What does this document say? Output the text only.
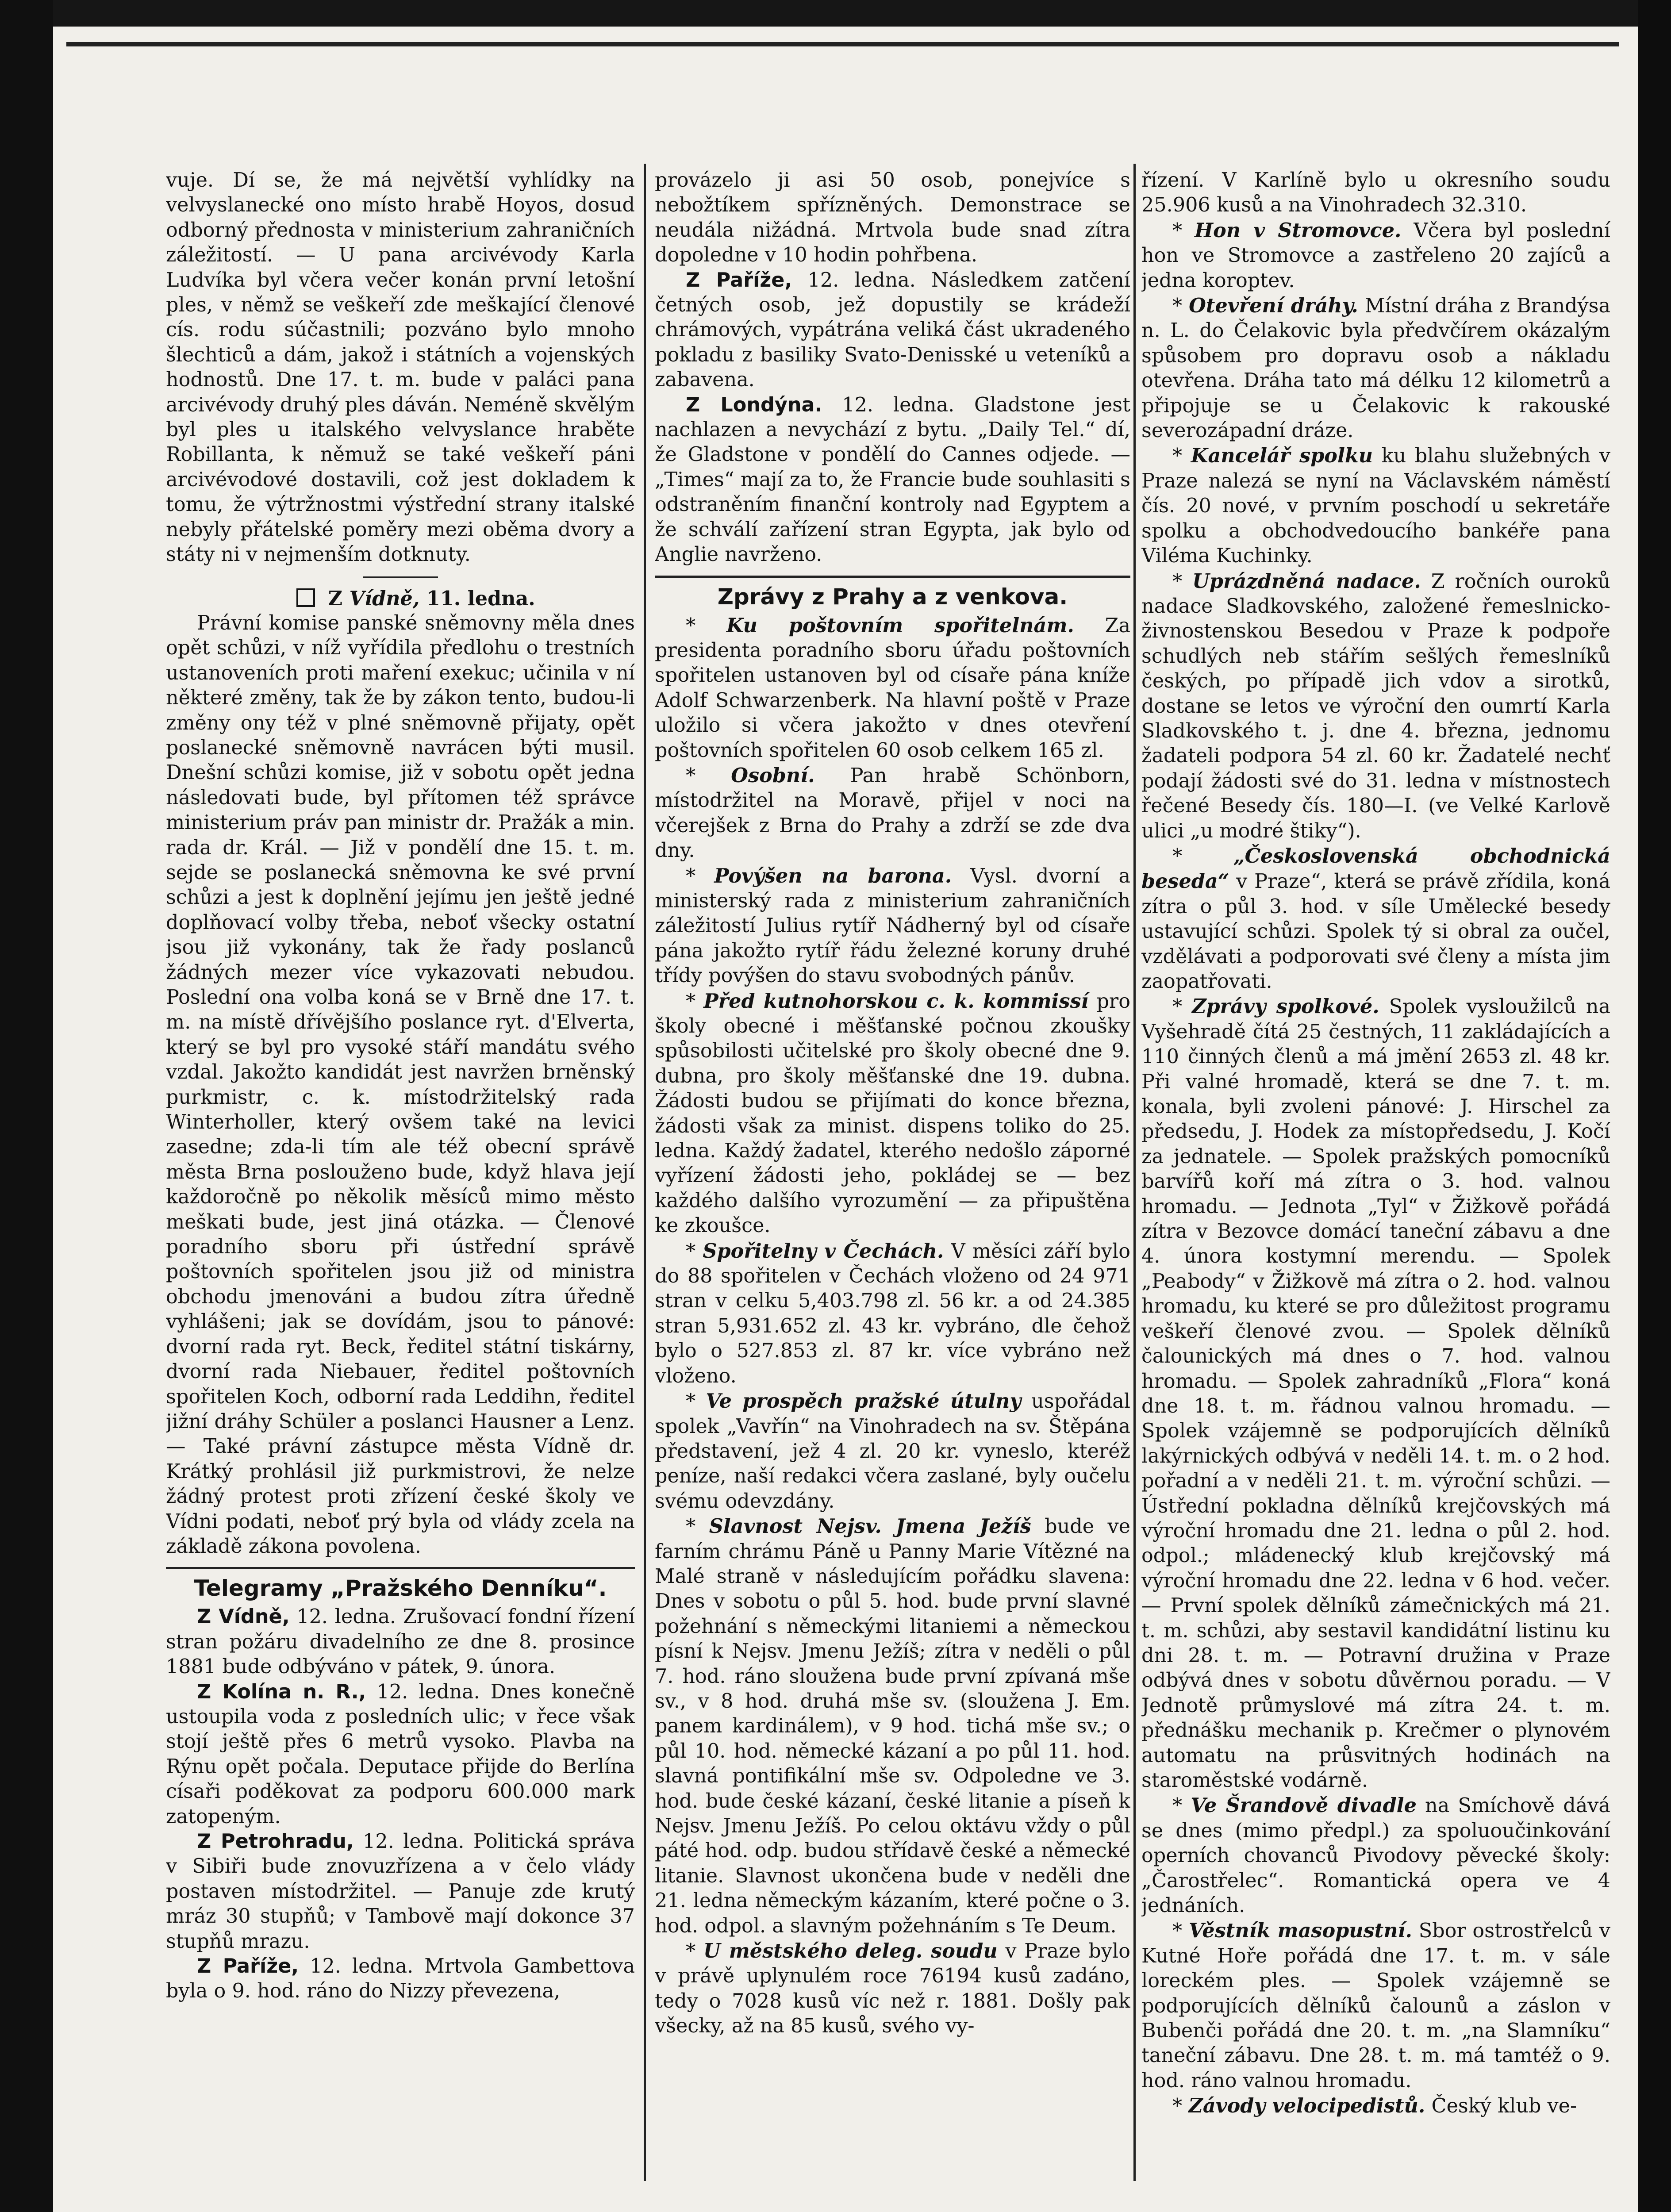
vuje. Dí se, že má největší vyhlídky na velvyslanecké ono místo hrabě Hoyos, dosud odborný přednosta v ministerium zahraničních záležitostí. — U pana arcivévody Karla Ludvíka byl včera večer konán první letošní ples, v němž se veškeří zde meškající členové cís. rodu súčastnili; pozváno bylo mnoho šlechticů a dám, jakož i státních a vojenských hodnostů. Dne 17. t. m. bude v paláci pana arcivévody druhý ples dáván. Neméně skvělým byl ples u italského velvyslance hraběte Robillanta, k němuž se také veškeří páni arcivévodové dostavili, což jest dokladem k tomu, že výtržnostmi výstřední strany italské nebyly přátelské poměry mezi oběma dvory a státy ni v nejmenším dotknuty.

Z Vídně, 11. ledna.

Právní komise panské sněmovny měla dnes opět schůzi, v níž vyřídila předlohu o trestních ustanoveních proti maření exekuc; učinila v ní některé změny, tak že by zákon tento, budou-li změny ony též v plné sněmovně přijaty, opět poslanecké sněmovně navrácen býti musil. Dnešní schůzi komise, již v sobotu opět jedna následovati bude, byl přítomen též správce ministerium práv pan ministr dr. Pražák a min. rada dr. Král. — Již v pondělí dne 15. t. m. sejde se poslanecká sněmovna ke své první schůzi a jest k doplnění jejímu jen ještě jedné doplňovací volby třeba, neboť všecky ostatní jsou již vykonány, tak že řady poslanců žádných mezer více vykazovati nebudou. Poslední ona volba koná se v Brně dne 17. t. m. na místě dřívějšího poslance ryt. d'Elverta, který se byl pro vysoké stáří mandátu svého vzdal. Jakožto kandidát jest navržen brněnský purkmistr, c. k. místodržitelský rada Winterholler, který ovšem také na levici zasedne; zda-li tím ale též obecní správě města Brna poslouženo bude, když hlava její každoročně po několik měsíců mimo město meškati bude, jest jiná otázka. — Členové poradního sboru při ústřední správě poštovních spořitelen jsou již od ministra obchodu jmenováni a budou zítra úředně vyhlášeni; jak se dovídám, jsou to pánové: dvorní rada ryt. Beck, ředitel státní tiskárny, dvorní rada Niebauer, ředitel poštovních spořitelen Koch, odborní rada Leddihn, ředitel jižní dráhy Schüler a poslanci Hausner a Lenz. — Také právní zástupce města Vídně dr. Krátký prohlásil již purkmistrovi, že nelze žádný protest proti zřízení české školy ve Vídni podati, neboť prý byla od vlády zcela na základě zákona povolena.

Telegramy „Pražského Denníku“.

Z Vídně, 12. ledna. Zrušovací fondní řízení stran požáru divadelního ze dne 8. prosince 1881 bude odbýváno v pátek, 9. února.

Z Kolína n. R., 12. ledna. Dnes konečně ustoupila voda z posledních ulic; v řece však stojí ještě přes 6 metrů vysoko. Plavba na Rýnu opět počala. Deputace přijde do Berlína císaři poděkovat za podporu 600.000 mark zatopeným.

Z Petrohradu, 12. ledna. Politická správa v Sibiři bude znovuzřízena a v čelo vlády postaven místodržitel. — Panuje zde krutý mráz 30 stupňů; v Tambově mají dokonce 37 stupňů mrazu.

Z Paříže, 12. ledna. Mrtvola Gambettova byla o 9. hod. ráno do Nizzy převezena,

provázelo ji asi 50 osob, ponejvíce s nebožtíkem spřízněných. Demonstrace se neudála nižádná. Mrtvola bude snad zítra dopoledne v 10 hodin pohřbena.

Z Paříže, 12. ledna. Následkem zatčení četných osob, jež dopustily se krádeží chrámových, vypátrána veliká část ukradeného pokladu z basiliky Svato-Denisské u veteníků a zabavena.

Z Londýna. 12. ledna. Gladstone jest nachlazen a nevychází z bytu. „Daily Tel.“ dí, že Gladstone v pondělí do Cannes odjede. — „Times“ mají za to, že Francie bude souhlasiti s odstraněním finanční kontroly nad Egyptem a že schválí zařízení stran Egypta, jak bylo od Anglie navrženo.

Zprávy z Prahy a z venkova.

* Ku poštovním spořitelnám. Za presidenta poradního sboru úřadu poštovních spořitelen ustanoven byl od císaře pána kníže Adolf Schwarzenberk. Na hlavní poště v Praze uložilo si včera jakožto v dnes otevření poštovních spořitelen 60 osob celkem 165 zl.

* Osobní. Pan hrabě Schönborn, místodržitel na Moravě, přijel v noci na včerejšek z Brna do Prahy a zdrží se zde dva dny.

* Povýšen na barona. Vysl. dvorní a ministerský rada z ministerium zahraničních záležitostí Julius rytíř Nádherný byl od císaře pána jakožto rytíř řádu železné koruny druhé třídy povýšen do stavu svobodných pánův.

* Před kutnohorskou c. k. kommissí pro školy obecné i měšťanské počnou zkoušky spůsobilosti učitelské pro školy obecné dne 9. dubna, pro školy měšťanské dne 19. dubna. Žádosti budou se přijímati do konce března, žádosti však za minist. dispens toliko do 25. ledna. Každý žadatel, kterého nedošlo záporné vyřízení žádosti jeho, pokládej se — bez každého dalšího vyrozumění — za připuštěna ke zkoušce.

* Spořitelny v Čechách. V měsíci září bylo do 88 spořitelen v Čechách vloženo od 24 971 stran v celku 5,403.798 zl. 56 kr. a od 24.385 stran 5,931.652 zl. 43 kr. vybráno, dle čehož bylo o 527.853 zl. 87 kr. více vybráno než vloženo.

* Ve prospěch pražské útulny uspořádal spolek „Vavřín“ na Vinohradech na sv. Štěpána představení, jež 4 zl. 20 kr. vyneslo, kteréž peníze, naší redakci včera zaslané, byly oučelu svému odevzdány.

* Slavnost Nejsv. Jmena Ježíš bude ve farním chrámu Páně u Panny Marie Vítězné na Malé straně v následujícím pořádku slavena: Dnes v sobotu o půl 5. hod. bude první slavné požehnání s německými litaniemi a německou písní k Nejsv. Jmenu Ježíš; zítra v neděli o půl 7. hod. ráno sloužena bude první zpívaná mše sv., v 8 hod. druhá mše sv. (sloužena J. Em. panem kardinálem), v 9 hod. tichá mše sv.; o půl 10. hod. německé kázaní a po půl 11. hod. slavná pontifikální mše sv. Odpoledne ve 3. hod. bude české kázaní, české litanie a píseň k Nejsv. Jmenu Ježíš. Po celou oktávu vždy o půl páté hod. odp. budou střídavě české a německé litanie. Slavnost ukončena bude v neděli dne 21. ledna německým kázaním, které počne o 3. hod. odpol. a slavným požehnáním s Te Deum.

* U městského deleg. soudu v Praze bylo v právě uplynulém roce 76194 kusů zadáno, tedy o 7028 kusů víc než r. 1881. Došly pak všecky, až na 85 kusů, svého vy-

řízení. V Karlíně bylo u okresního soudu 25.906 kusů a na Vinohradech 32.310.

* Hon v Stromovce. Včera byl poslední hon ve Stromovce a zastřeleno 20 zajíců a jedna koroptev.

* Otevření dráhy. Místní dráha z Brandýsa n. L. do Čelakovic byla předvčírem okázalým spůsobem pro dopravu osob a nákladu otevřena. Dráha tato má délku 12 kilometrů a připojuje se u Čelakovic k rakouské severozápadní dráze.

* Kancelář spolku ku blahu služebných v Praze nalezá se nyní na Václavském náměstí čís. 20 nové, v prvním poschodí u sekretáře spolku a obchodvedoucího bankéře pana Viléma Kuchinky.

* Uprázdněná nadace. Z ročních ouroků nadace Sladkovského, založené řemeslnicko-živnostenskou Besedou v Praze k podpoře schudlých neb stářím sešlých řemeslníků českých, po případě jich vdov a sirotků, dostane se letos ve výroční den oumrtí Karla Sladkovského t. j. dne 4. března, jednomu žadateli podpora 54 zl. 60 kr. Žadatelé nechť podají žádosti své do 31. ledna v místnostech řečené Besedy čís. 180—I. (ve Velké Karlově ulici „u modré štiky“).

* „Československá obchodnická beseda“ v Praze“, která se právě zřídila, koná zítra o půl 3. hod. v síle Umělecké besedy ustavující schůzi. Spolek tý si obral za oučel, vzdělávati a podporovati své členy a místa jim zaopatřovati.

* Zprávy spolkové. Spolek vysloužilců na Vyšehradě čítá 25 čestných, 11 zakládajících a 110 činných členů a má jmění 2653 zl. 48 kr. Při valné hromadě, která se dne 7. t. m. konala, byli zvoleni pánové: J. Hirschel za předsedu, J. Hodek za místopředsedu, J. Kočí za jednatele. — Spolek pražských pomocníků barvířů koří má zítra o 3. hod. valnou hromadu. — Jednota „Tyl“ v Žižkově pořádá zítra v Bezovce domácí taneční zábavu a dne 4. února kostymní merendu. — Spolek „Peabody“ v Žižkově má zítra o 2. hod. valnou hromadu, ku které se pro důležitost programu veškeří členové zvou. — Spolek dělníků čalounických má dnes o 7. hod. valnou hromadu. — Spolek zahradníků „Flora“ koná dne 18. t. m. řádnou valnou hromadu. — Spolek vzájemně se podporujících dělníků lakýrnických odbývá v neděli 14. t. m. o 2 hod. pořadní a v neděli 21. t. m. výroční schůzi. — Ústřední pokladna dělníků krejčovských má výroční hromadu dne 21. ledna o půl 2. hod. odpol.; mládenecký klub krejčovský má výroční hromadu dne 22. ledna v 6 hod. večer. — První spolek dělníků zámečnických má 21. t. m. schůzi, aby sestavil kandidátní listinu ku dni 28. t. m. — Potravní družina v Praze odbývá dnes v sobotu důvěrnou poradu. — V Jednotě průmyslové má zítra 24. t. m. přednášku mechanik p. Krečmer o plynovém automatu na průsvitných hodinách na staroměstské vodárně.

* Ve Šrandově divadle na Smíchově dává se dnes (mimo předpl.) za spoluoučinkování operních chovanců Pivodovy pěvecké školy: „Čarostřelec“. Romantická opera ve 4 jednáních.

* Věstník masopustní. Sbor ostrostřelců v Kutné Hoře pořádá dne 17. t. m. v sále loreckém ples. — Spolek vzájemně se podporujících dělníků čalounů a záslon v Bubenči pořádá dne 20. t. m. „na Slamníku“ taneční zábavu. Dne 28. t. m. má tamtéž o 9. hod. ráno valnou hromadu.

* Závody velocipedistů. Český klub ve-
